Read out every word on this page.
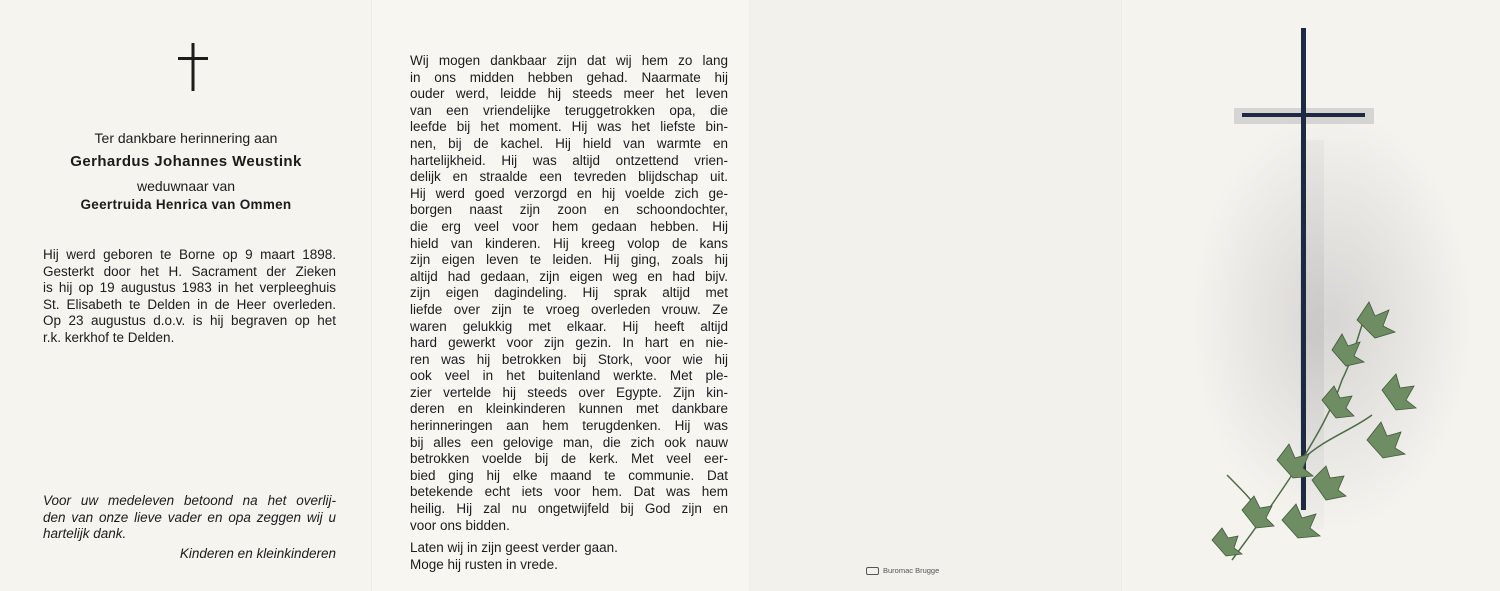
Ter dankbare herinnering aan
Gerhardus Johannes Weustink
weduwnaar van
Geertruida Henrica van Ommen
Hij werd geboren te Borne op 9 maart 1898.
Gesterkt door het H. Sacrament der Zieken
is hij op 19 augustus 1983 in het verpleeghuis
St. Elisabeth te Delden in de Heer overleden.
Op 23 augustus d.o.v. is hij begraven op het
r.k. kerkhof te Delden.
Voor uw medeleven betoond na het overlij-
den van onze lieve vader en opa zeggen wij u
hartelijk dank.
Kinderen en kleinkinderen
Wij mogen dankbaar zijn dat wij hem zo lang
in ons midden hebben gehad. Naarmate hij
ouder werd, leidde hij steeds meer het leven
van een vriendelijke teruggetrokken opa, die
leefde bij het moment. Hij was het liefste bin-
nen, bij de kachel. Hij hield van warmte en
hartelijkheid. Hij was altijd ontzettend vrien-
delijk en straalde een tevreden blijdschap uit.
Hij werd goed verzorgd en hij voelde zich ge-
borgen naast zijn zoon en schoondochter,
die erg veel voor hem gedaan hebben. Hij
hield van kinderen. Hij kreeg volop de kans
zijn eigen leven te leiden. Hij ging, zoals hij
altijd had gedaan, zijn eigen weg en had bijv.
zijn eigen dagindeling. Hij sprak altijd met
liefde over zijn te vroeg overleden vrouw. Ze
waren gelukkig met elkaar. Hij heeft altijd
hard gewerkt voor zijn gezin. In hart en nie-
ren was hij betrokken bij Stork, voor wie hij
ook veel in het buitenland werkte. Met ple-
zier vertelde hij steeds over Egypte. Zijn kin-
deren en kleinkinderen kunnen met dankbare
herinneringen aan hem terugdenken. Hij was
bij alles een gelovige man, die zich ook nauw
betrokken voelde bij de kerk. Met veel eer-
bied ging hij elke maand te communie. Dat
betekende echt iets voor hem. Dat was hem
heilig. Hij zal nu ongetwijfeld bij God zijn en
voor ons bidden.
Laten wij in zijn geest verder gaan.
Moge hij rusten in vrede.	Buromac Brugge
